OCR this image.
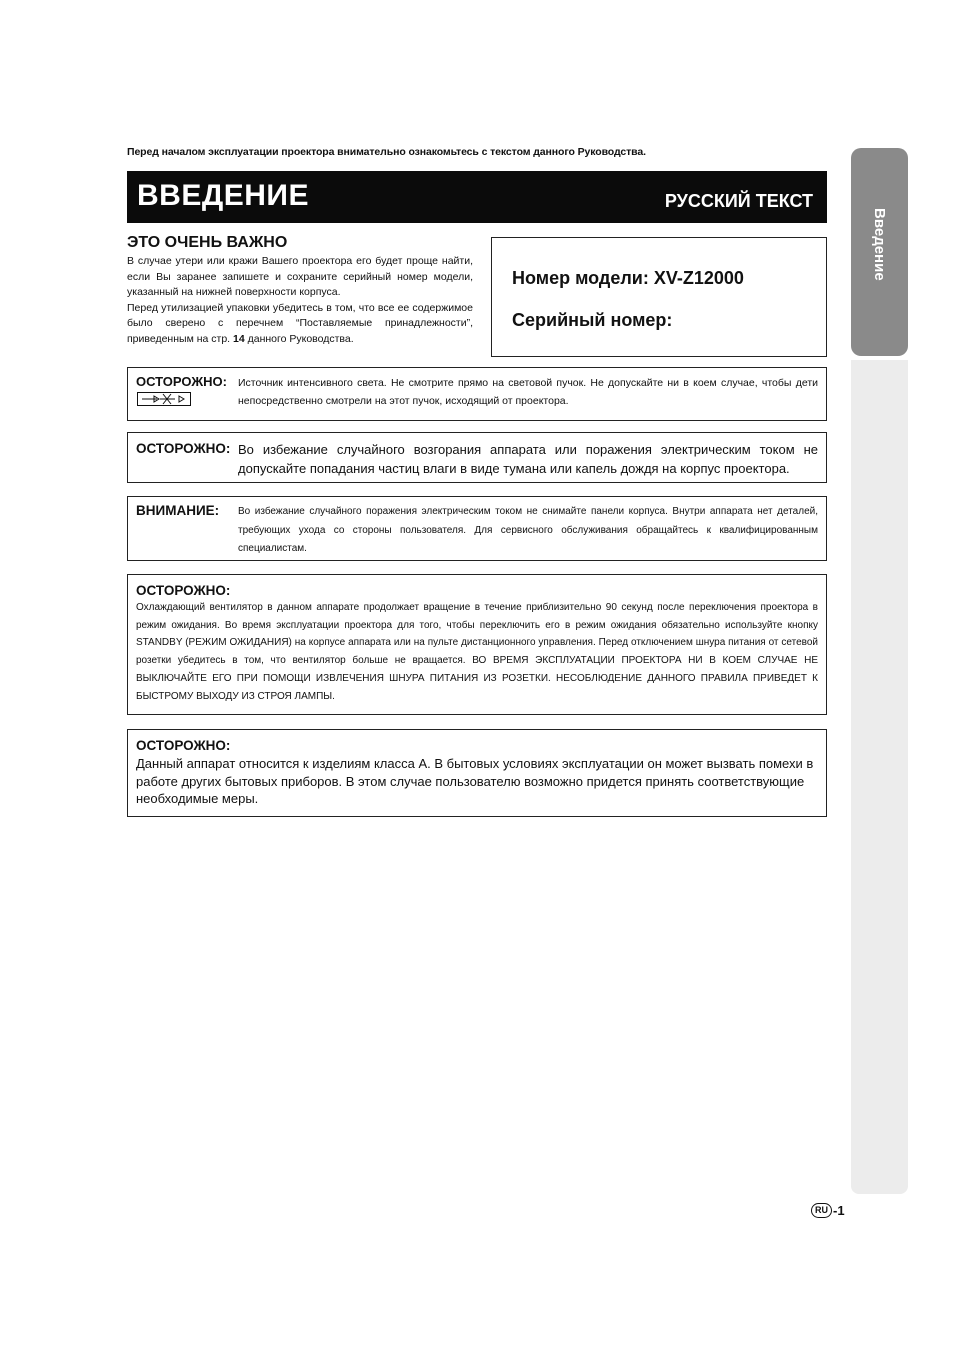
Перед началом эксплуатации проектора внимательно ознакомьтесь с текстом данного Руководства.
ВВЕДЕНИЕ	РУССКИЙ ТЕКСТ
ЭТО ОЧЕНЬ ВАЖНО

В случае утери или кражи Вашего проектора его будет проще найти, если Вы заранее запишете и сохраните серийный номер модели, указанный на нижней поверхности корпуса.

Перед утилизацией упаковки убедитесь в том, что все ее содержимое было сверено с перечнем “Поставляемые принадлежности”, приведенным на стр. 14 данного Руководства.

Номер модели: XV-Z12000
Серийный номер:
ОСТОРОЖНО: Источник интенсивного света. Не смотрите прямо на световой пучок. Не допускайте ни в коем случае, чтобы дети непосредственно смотрели на этот пучок, исходящий от проектора.
ОСТОРОЖНО: Во избежание случайного возгорания аппарата или поражения электрическим током не допускайте попадания частиц влаги в виде тумана или капель дождя на корпус проектора.
ВНИМАНИЕ: Во избежание случайного поражения электрическим током не снимайте панели корпуса. Внутри аппарата нет деталей, требующих ухода со стороны пользователя. Для сервисного обслуживания обращайтесь к квалифицированным специалистам.
ОСТОРОЖНО:
Охлаждающий вентилятор в данном аппарате продолжает вращение в течение приблизительно 90 секунд после переключения проектора в режим ожидания. Во время эксплуатации проектора для того, чтобы переключить его в режим ожидания обязательно используйте кнопку STANDBY (РЕЖИМ ОЖИДАНИЯ) на корпусе аппарата или на пульте дистанционного управления. Перед отключением шнура питания от сетевой розетки убедитесь в том, что вентилятор больше не вращается. ВО ВРЕМЯ ЭКСПЛУАТАЦИИ ПРОЕКТОРА НИ В КОЕМ СЛУЧАЕ НЕ ВЫКЛЮЧАЙТЕ ЕГО ПРИ ПОМОЩИ ИЗВЛЕЧЕНИЯ ШНУРА ПИТАНИЯ ИЗ РОЗЕТКИ. НЕСОБЛЮДЕНИЕ ДАННОГО ПРАВИЛА ПРИВЕДЕТ К БЫСТРОМУ ВЫХОДУ ИЗ СТРОЯ ЛАМПЫ.
ОСТОРОЖНО:
Данный аппарат относится к изделиям класса A. В бытовых условиях эксплуатации он может вызвать помехи в работе других бытовых приборов. В этом случае пользователю возможно придется принять соответствующие необходимые меры.
Введение
RU -1
